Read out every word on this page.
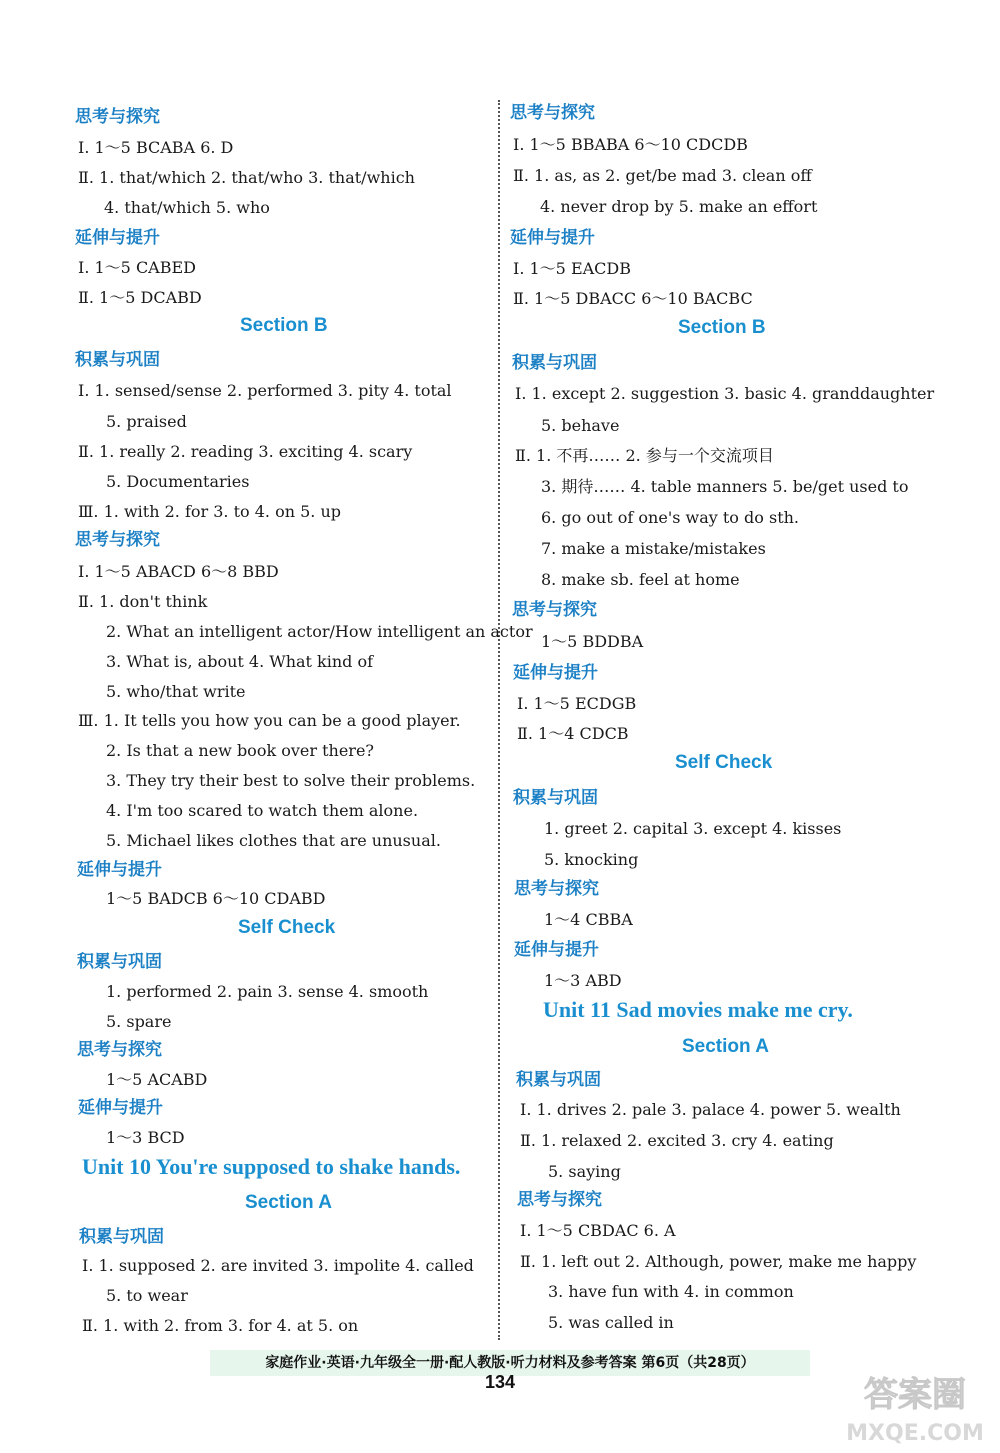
思考与探究
Ⅰ. 1～5 BCABA 6. D
Ⅱ. 1. that/which 2. that/who 3. that/which
4. that/which 5. who
延伸与提升
Ⅰ. 1～5 CABED
Ⅱ. 1～5 DCABD
Section B
积累与巩固
Ⅰ. 1. sensed/sense 2. performed 3. pity 4. total
5. praised
Ⅱ. 1. really 2. reading 3. exciting 4. scary
5. Documentaries
Ⅲ. 1. with 2. for 3. to 4. on 5. up
思考与探究
Ⅰ. 1～5 ABACD 6～8 BBD
Ⅱ. 1. don't think
2. What an intelligent actor/How intelligent an actor
3. What is, about 4. What kind of
5. who/that write
Ⅲ. 1. It tells you how you can be a good player.
2. Is that a new book over there?
3. They try their best to solve their problems.
4. I'm too scared to watch them alone.
5. Michael likes clothes that are unusual.
延伸与提升
1～5 BADCB 6～10 CDABD
Self Check
积累与巩固
1. performed 2. pain 3. sense 4. smooth
5. spare
思考与探究
1～5 ACABD
延伸与提升
1～3 BCD
Unit 10 You're supposed to shake hands.
Section A
积累与巩固
Ⅰ. 1. supposed 2. are invited 3. impolite 4. called
5. to wear
Ⅱ. 1. with 2. from 3. for 4. at 5. on
思考与探究
Ⅰ. 1～5 BBABA 6～10 CDCDB
Ⅱ. 1. as, as 2. get/be mad 3. clean off
4. never drop by 5. make an effort
延伸与提升
Ⅰ. 1～5 EACDB
Ⅱ. 1～5 DBACC 6～10 BACBC
Section B
积累与巩固
Ⅰ. 1. except 2. suggestion 3. basic 4. granddaughter
5. behave
Ⅱ. 1. 不再…… 2. 参与一个交流项目
3. 期待…… 4. table manners 5. be/get used to
6. go out of one's way to do sth.
7. make a mistake/mistakes
8. make sb. feel at home
思考与探究
1～5 BDDBA
延伸与提升
Ⅰ. 1～5 ECDGB
Ⅱ. 1～4 CDCB
Self Check
积累与巩固
1. greet 2. capital 3. except 4. kisses
5. knocking
思考与探究
1～4 CBBA
延伸与提升
1～3 ABD
Unit 11 Sad movies make me cry.
Section A
积累与巩固
Ⅰ. 1. drives 2. pale 3. palace 4. power 5. wealth
Ⅱ. 1. relaxed 2. excited 3. cry 4. eating
5. saying
思考与探究
Ⅰ. 1～5 CBDAC 6. A
Ⅱ. 1. left out 2. Although, power, make me happy
3. have fun with 4. in common
5. was called in
家庭作业·英语·九年级全一册·配人教版·听力材料及参考答案 第6页（共28页）
134	答案圈
MXQE.COM
